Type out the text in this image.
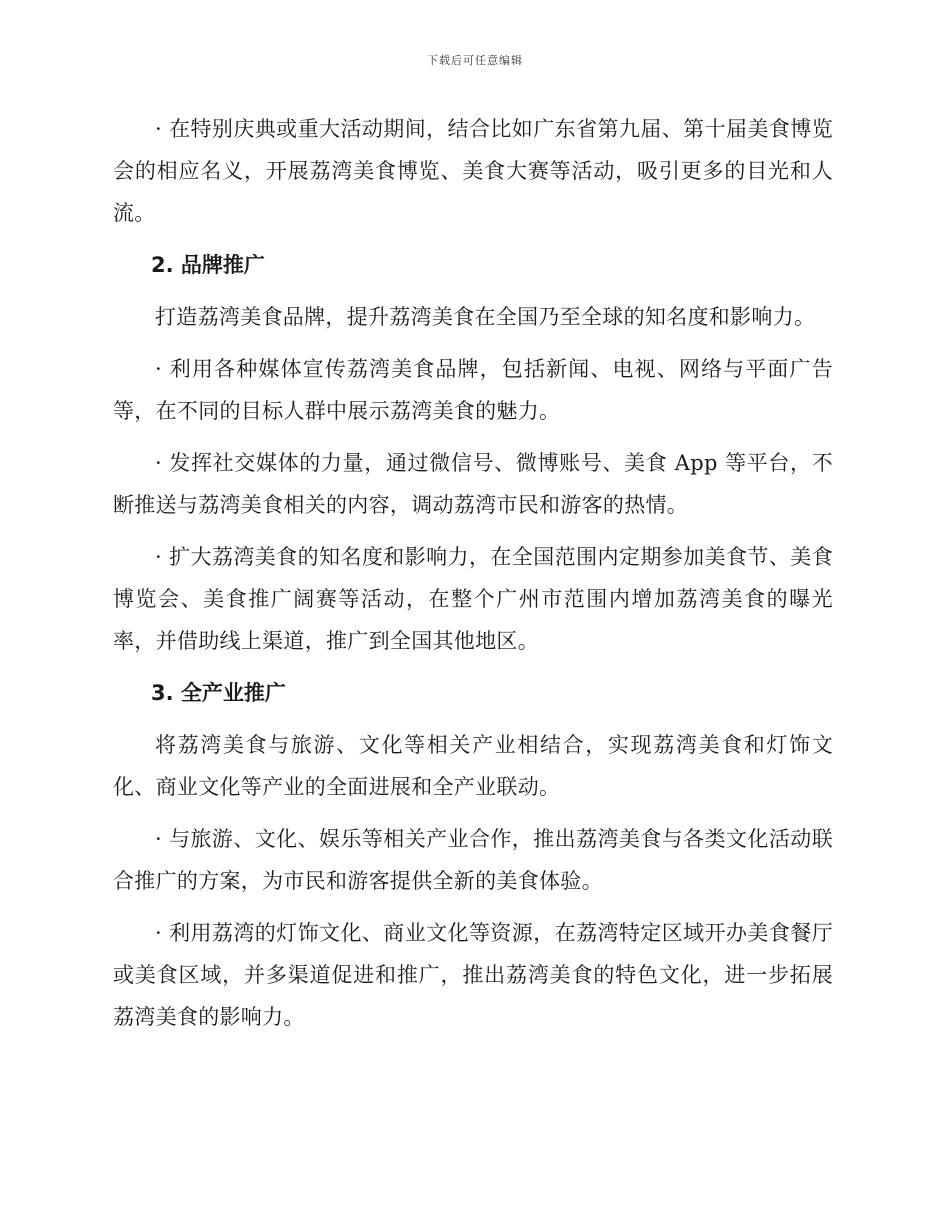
下载后可任意编辑

· 在特别庆典或重大活动期间，结合比如广东省第九届、第十届美食博览会的相应名义，开展荔湾美食博览、美食大赛等活动，吸引更多的目光和人流。

2. 品牌推广

打造荔湾美食品牌，提升荔湾美食在全国乃至全球的知名度和影响力。

· 利用各种媒体宣传荔湾美食品牌，包括新闻、电视、网络与平面广告等，在不同的目标人群中展示荔湾美食的魅力。

· 发挥社交媒体的力量，通过微信号、微博账号、美食 App 等平台，不断推送与荔湾美食相关的内容，调动荔湾市民和游客的热情。

· 扩大荔湾美食的知名度和影响力，在全国范围内定期参加美食节、美食博览会、美食推广阔赛等活动，在整个广州市范围内增加荔湾美食的曝光率，并借助线上渠道，推广到全国其他地区。

3. 全产业推广

将荔湾美食与旅游、文化等相关产业相结合，实现荔湾美食和灯饰文化、商业文化等产业的全面进展和全产业联动。

· 与旅游、文化、娱乐等相关产业合作，推出荔湾美食与各类文化活动联合推广的方案，为市民和游客提供全新的美食体验。

· 利用荔湾的灯饰文化、商业文化等资源，在荔湾特定区域开办美食餐厅或美食区域，并多渠道促进和推广，推出荔湾美食的特色文化，进一步拓展荔湾美食的影响力。
